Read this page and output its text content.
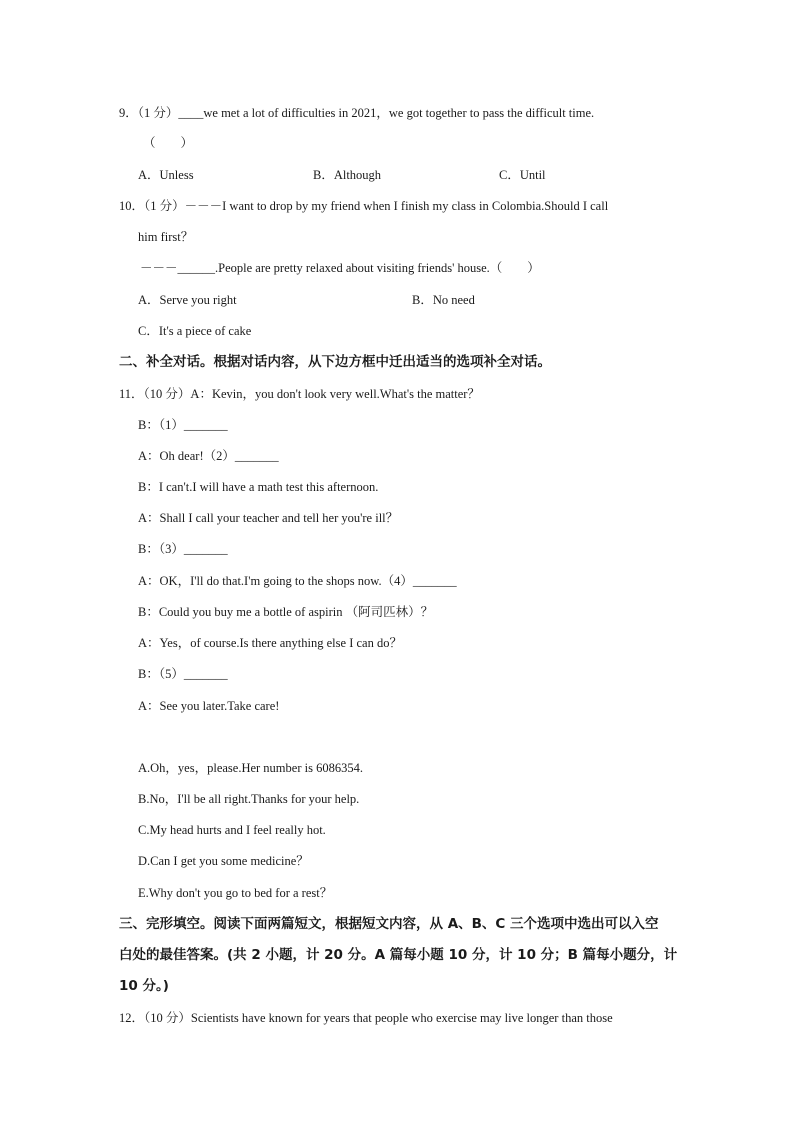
9．（1 分）____we met a lot of difficulties in 2021，we got together to pass the difficult time.
（　　）
A．Unless	B．Although	C．Until
10．（1 分）－－－I want to drop by my friend when I finish my class in Colombia.Should I call
him first？
－－－______.People are pretty relaxed about visiting friends' house.（　　）
A．Serve you right	B．No need
C．It's a piece of cake
二、补全对话。根据对话内容，从下边方框中迁出适当的选项补全对话。
11．（10 分）A：Kevin，you don't look very well.What's the matter？
B：（1）_______
A：Oh dear!（2）_______
B：I can't.I will have a math test this afternoon.
A：Shall I call your teacher and tell her you're ill？
B：（3）_______
A：OK，I'll do that.I'm going to the shops now.（4）_______
B：Could you buy me a bottle of aspirin （阿司匹林）？
A：Yes，of course.Is there anything else I can do？
B：（5）_______
A：See you later.Take care!
A.Oh，yes，please.Her number is 6086354.
B.No，I'll be all right.Thanks for your help.
C.My head hurts and I feel really hot.
D.Can I get you some medicine？
E.Why don't you go to bed for a rest？
三、完形填空。阅读下面两篇短文，根据短文内容，从 A、B、C 三个选项中选出可以入空
白处的最佳答案。(共 2 小题，计 20 分。A 篇每小题 10 分，计 10 分；B 篇每小题分，计
10 分。)
12．（10 分）Scientists have known for years that people who exercise may live longer than those
